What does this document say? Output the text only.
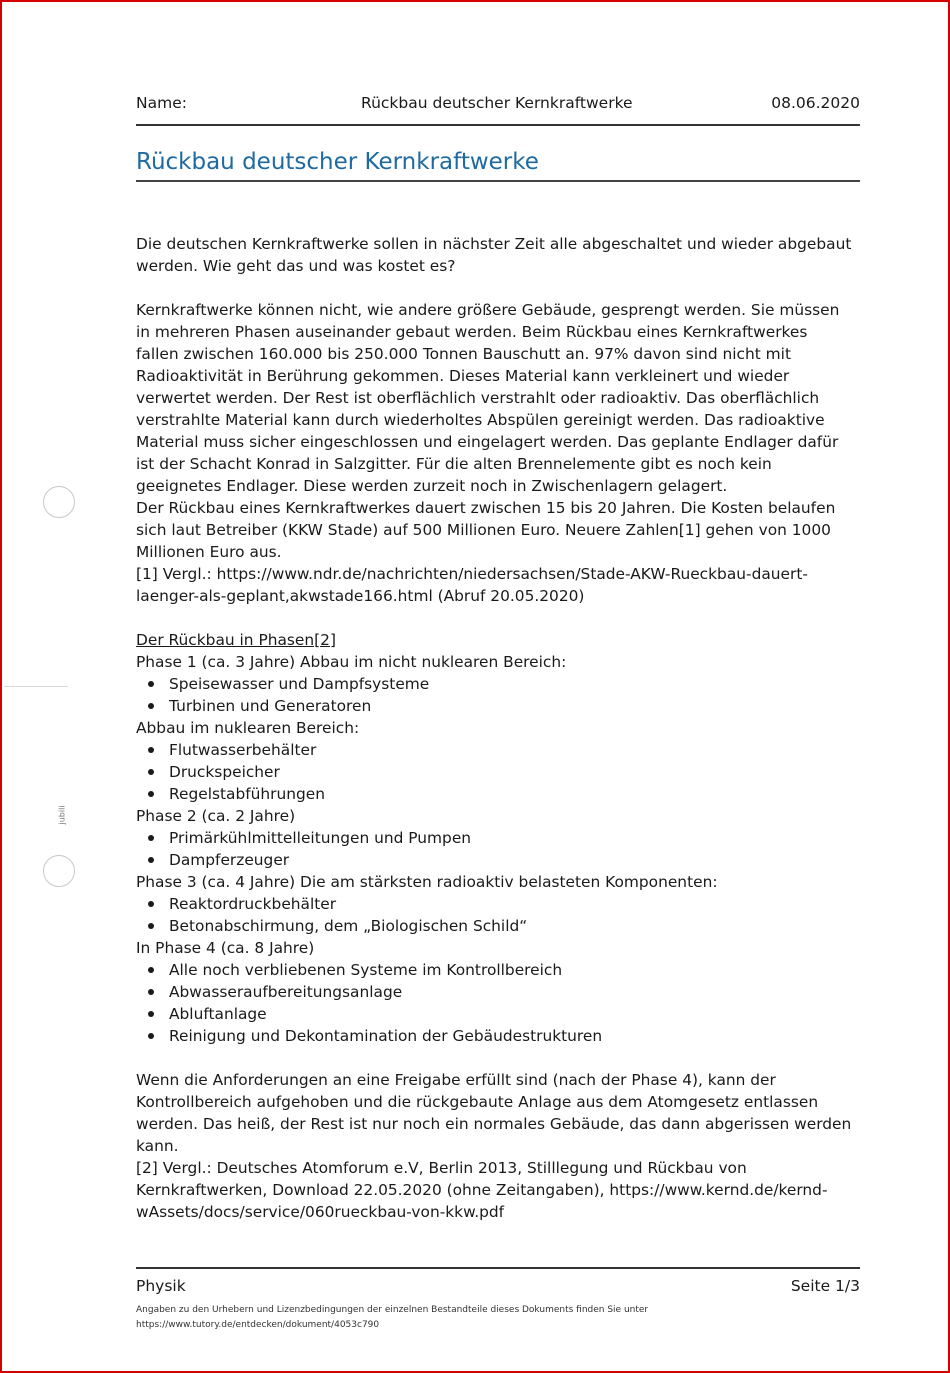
jubili
Name:	Rückbau deutscher Kernkraftwerke	08.06.2020
Rückbau deutscher Kernkraftwerke

Die deutschen Kernkraftwerke sollen in nächster Zeit alle abgeschaltet und wieder abgebaut
werden. Wie geht das und was kostet es?

Kernkraftwerke können nicht, wie andere größere Gebäude, gesprengt werden. Sie müssen
in mehreren Phasen auseinander gebaut werden. Beim Rückbau eines Kernkraftwerkes
fallen zwischen 160.000 bis 250.000 Tonnen Bauschutt an. 97% davon sind nicht mit
Radioaktivität in Berührung gekommen. Dieses Material kann verkleinert und wieder
verwertet werden. Der Rest ist oberflächlich verstrahlt oder radioaktiv. Das oberflächlich
verstrahlte Material kann durch wiederholtes Abspülen gereinigt werden. Das radioaktive
Material muss sicher eingeschlossen und eingelagert werden. Das geplante Endlager dafür
ist der Schacht Konrad in Salzgitter. Für die alten Brennelemente gibt es noch kein
geeignetes Endlager. Diese werden zurzeit noch in Zwischenlagern gelagert.
Der Rückbau eines Kernkraftwerkes dauert zwischen 15 bis 20 Jahren. Die Kosten belaufen
sich laut Betreiber (KKW Stade) auf 500 Millionen Euro. Neuere Zahlen[1] gehen von 1000
Millionen Euro aus.
[1] Vergl.: https://www.ndr.de/nachrichten/niedersachsen/Stade-AKW-Rueckbau-dauert-
laenger-als-geplant,akwstade166.html (Abruf 20.05.2020)

Der Rückbau in Phasen[2]

Phase 1 (ca. 3 Jahre) Abbau im nicht nuklearen Bereich:

Speisewasser und Dampfsysteme
Turbinen und Generatoren

Abbau im nuklearen Bereich:

Flutwasserbehälter
Druckspeicher
Regelstabführungen

Phase 2 (ca. 2 Jahre)

Primärkühlmittelleitungen und Pumpen
Dampferzeuger

Phase 3 (ca. 4 Jahre) Die am stärksten radioaktiv belasteten Komponenten:

Reaktordruckbehälter
Betonabschirmung, dem „Biologischen Schild“

In Phase 4 (ca. 8 Jahre)

Alle noch verbliebenen Systeme im Kontrollbereich
Abwasseraufbereitungsanlage
Abluftanlage
Reinigung und Dekontamination der Gebäudestrukturen

Wenn die Anforderungen an eine Freigabe erfüllt sind (nach der Phase 4), kann der
Kontrollbereich aufgehoben und die rückgebaute Anlage aus dem Atomgesetz entlassen
werden. Das heiß, der Rest ist nur noch ein normales Gebäude, das dann abgerissen werden
kann.
[2] Vergl.: Deutsches Atomforum e.V, Berlin 2013, Stilllegung und Rückbau von
Kernkraftwerken, Download 22.05.2020 (ohne Zeitangaben), https://www.kernd.de/kernd-
wAssets/docs/service/060rueckbau-von-kkw.pdf

Physik	Seite 1/3
Angaben zu den Urhebern und Lizenzbedingungen der einzelnen Bestandteile dieses Dokuments finden Sie unter
https://www.tutory.de/entdecken/dokument/4053c790
